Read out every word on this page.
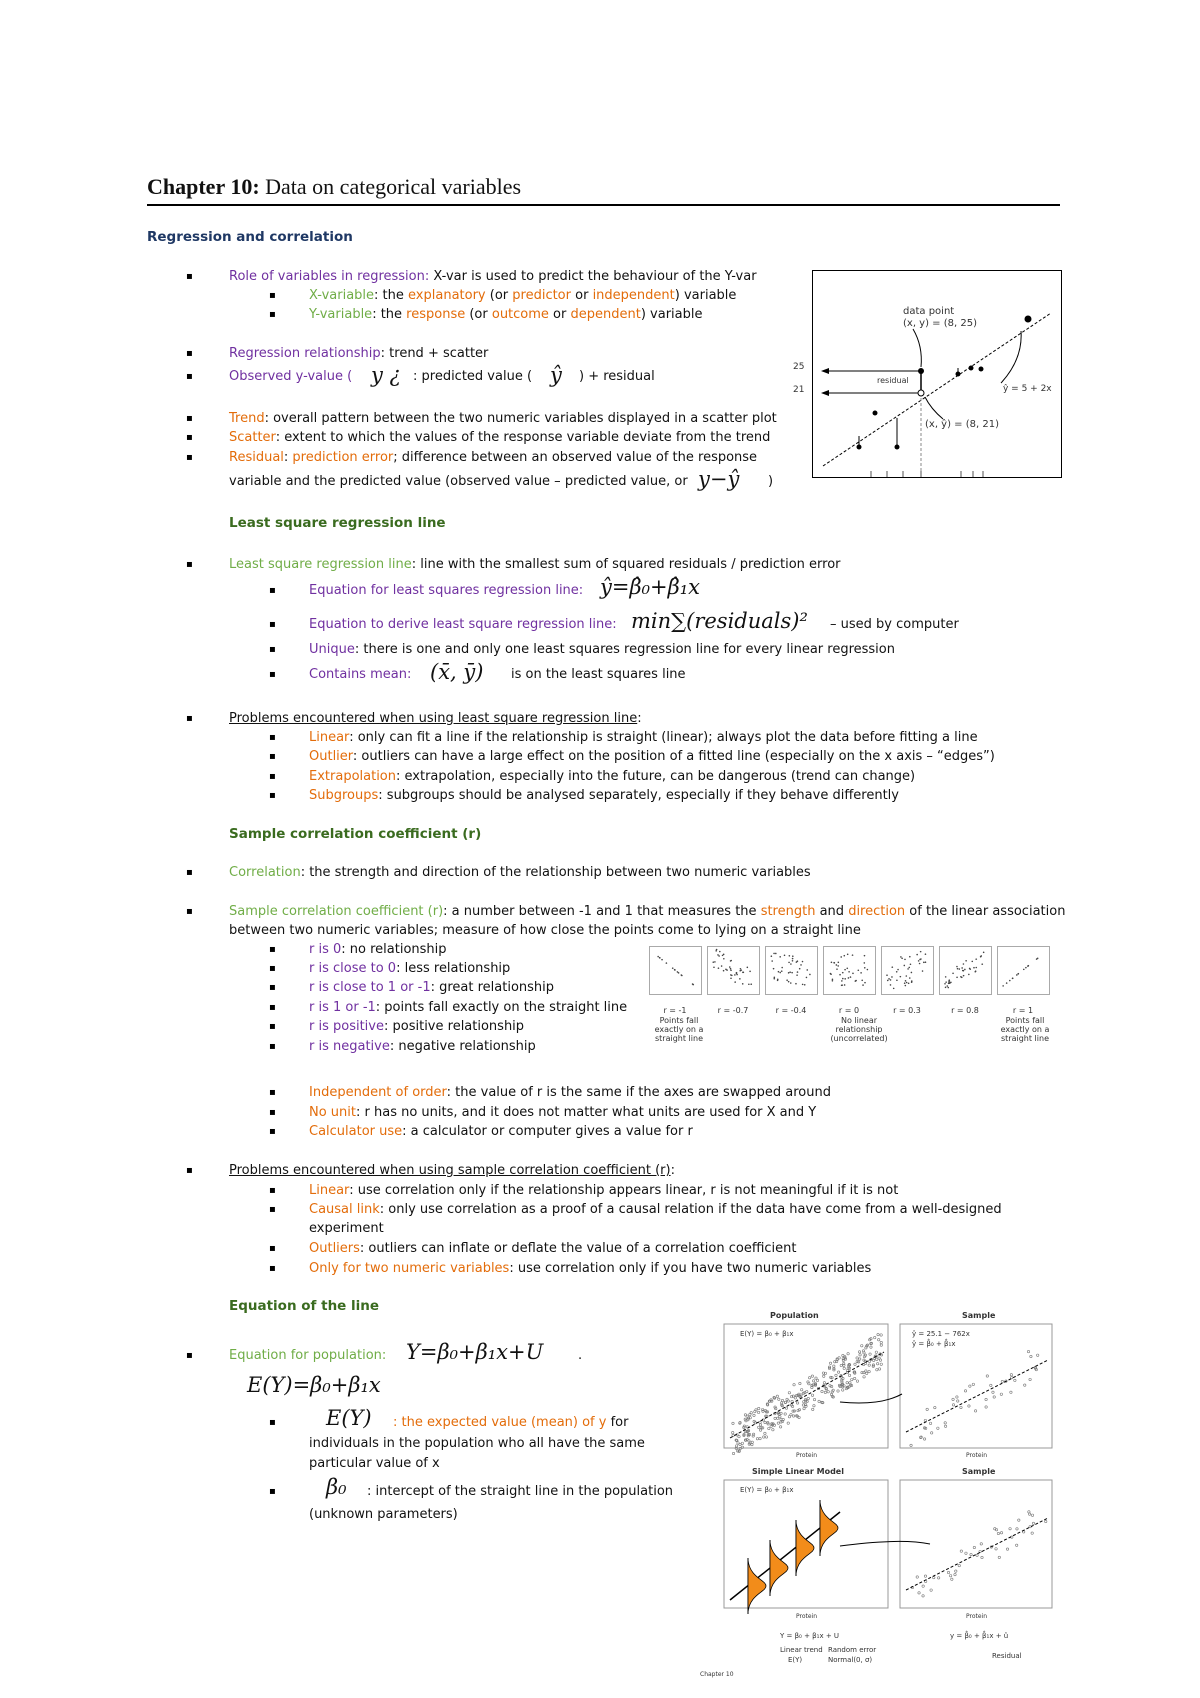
Chapter 10: Data on categorical variables
Regression and correlation
▪ Role of variables in regression: X-var is used to predict the behaviour of the Y-var
▪ X-variable: the explanatory (or predictor or independent) variable
▪ Y-variable: the response (or outcome or dependent) variable
▪ Regression relationship: trend + scatter
▪ Observed y-value ( y ¿ : predicted value ( ŷ ) + residual
▪ Trend: overall pattern between the two numeric variables displayed in a scatter plot
▪ Scatter: extent to which the values of the response variable deviate from the trend
▪ Residual: prediction error; difference between an observed value of the response
variable and the predicted value (observed value – predicted value, or y−ŷ )
data point
(x, y) = (8, 25)
residual
(x, ŷ) = (8, 21)
ŷ = 5 + 2x
25
21
Least square regression line
▪ Least square regression line: line with the smallest sum of squared residuals / prediction error
▪ Equation for least squares regression line: ŷ=β̂₀+β̂₁x
▪ Equation to derive least square regression line: min∑(residuals)² – used by computer
▪ Unique: there is one and only one least squares regression line for every linear regression
▪ Contains mean: (x̄, ȳ) is on the least squares line
▪ Problems encountered when using least square regression line:
▪ Linear: only can fit a line if the relationship is straight (linear); always plot the data before fitting a line
▪ Outlier: outliers can have a large effect on the position of a fitted line (especially on the x axis – “edges”)
▪ Extrapolation: extrapolation, especially into the future, can be dangerous (trend can change)
▪ Subgroups: subgroups should be analysed separately, especially if they behave differently
Sample correlation coefficient (r)
▪ Correlation: the strength and direction of the relationship between two numeric variables
▪ Sample correlation coefficient (r): a number between -1 and 1 that measures the strength and direction of the linear association
between two numeric variables; measure of how close the points come to lying on a straight line
▪ r is 0: no relationship
▪ r is close to 0: less relationship
▪ r is close to 1 or -1: great relationship
▪ r is 1 or -1: points fall exactly on the straight line
▪ r is positive: positive relationship
▪ r is negative: negative relationship
r = -1	r = -0.7	r = -0.4	r = 0	r = 0.3	r = 0.8	r = 1
Points fall
exactly on a
straight line
No linear
relationship
(uncorrelated)
Points fall
exactly on a
straight line
▪ Independent of order: the value of r is the same if the axes are swapped around
▪ No unit: r has no units, and it does not matter what units are used for X and Y
▪ Calculator use: a calculator or computer gives a value for r
▪ Problems encountered when using sample correlation coefficient (r):
▪ Linear: use correlation only if the relationship appears linear, r is not meaningful if it is not
▪ Causal link: only use correlation as a proof of a causal relation if the data have come from a well-designed
experiment
▪ Outliers: outliers can inflate or deflate the value of a correlation coefficient
▪ Only for two numeric variables: use correlation only if you have two numeric variables
Equation of the line
▪ Equation for population: Y=β₀+β₁x+U	.
E(Y)=β₀+β₁x
▪
E(Y) : the expected value (mean) of y for
individuals in the population who all have the same
particular value of x
▪
β₀ : intercept of the straight line in the population
(unknown parameters)
Population	Sample
E(Y) = β₀ + β₁x	ŷ = 25.1 − 762x
ŷ = β̂₀ + β̂₁x
Protein	Protein
Simple Linear Model	Sample
E(Y) = β₀ + β₁x
Protein	Protein
Y = β₀ + β₁x + U
Linear trend
E(Y)
Random error
Normal(0, σ)
y = β̂₀ + β̂₁x + û
Residual
Chapter 10
